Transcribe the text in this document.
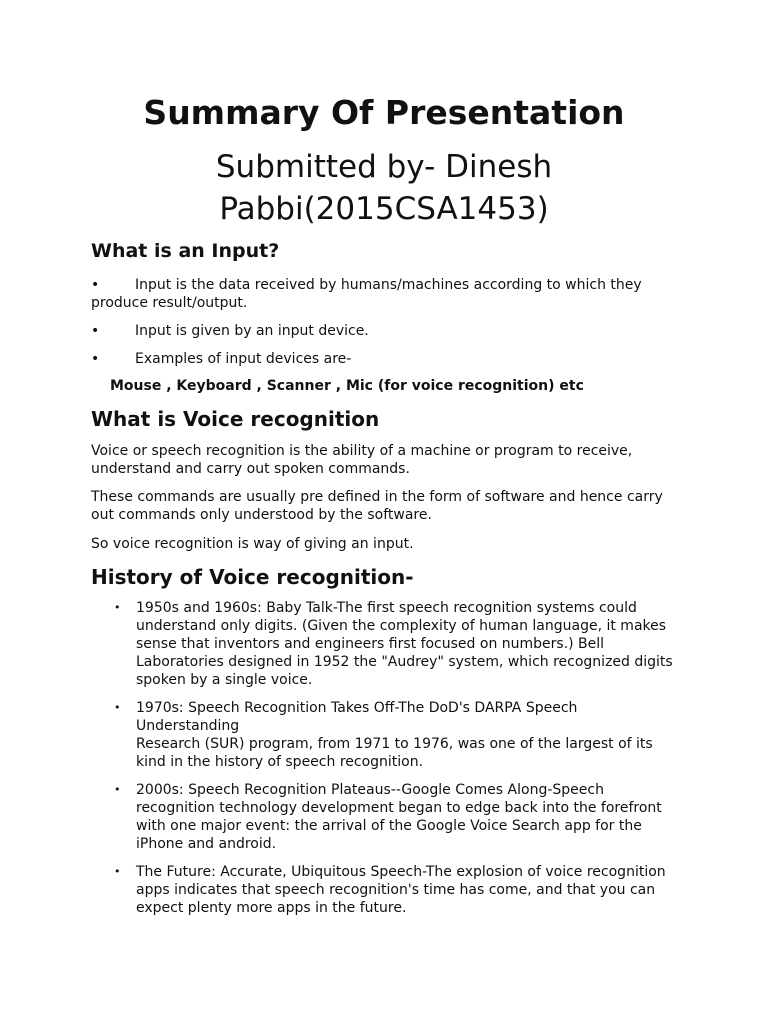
Summary Of Presentation
Submitted by- Dinesh
Pabbi(2015CSA1453)
What is an Input?
•	Input is the data received by humans/machines according to which they
produce result/output.
•	Input is given by an input device.
•	Examples of input devices are-
Mouse , Keyboard , Scanner , Mic (for voice recognition) etc
What is Voice recognition
Voice or speech recognition is the ability of a machine or program to receive,
understand and carry out spoken commands.
These commands are usually pre defined in the form of software and hence carry
out commands only understood by the software.
So voice recognition is way of giving an input.
History of Voice recognition-
• 1950s and 1960s: Baby Talk-The first speech recognition systems could
understand only digits. (Given the complexity of human language, it makes
sense that inventors and engineers first focused on numbers.) Bell
Laboratories designed in 1952 the "Audrey" system, which recognized digits
spoken by a single voice.
• 1970s: Speech Recognition Takes Off-The DoD's DARPA Speech Understanding
Research (SUR) program, from 1971 to 1976, was one of the largest of its
kind in the history of speech recognition.
• 2000s: Speech Recognition Plateaus--Google Comes Along-Speech
recognition technology development began to edge back into the forefront
with one major event: the arrival of the Google Voice Search app for the
iPhone and android.
• The Future: Accurate, Ubiquitous Speech-The explosion of voice recognition
apps indicates that speech recognition's time has come, and that you can
expect plenty more apps in the future.
